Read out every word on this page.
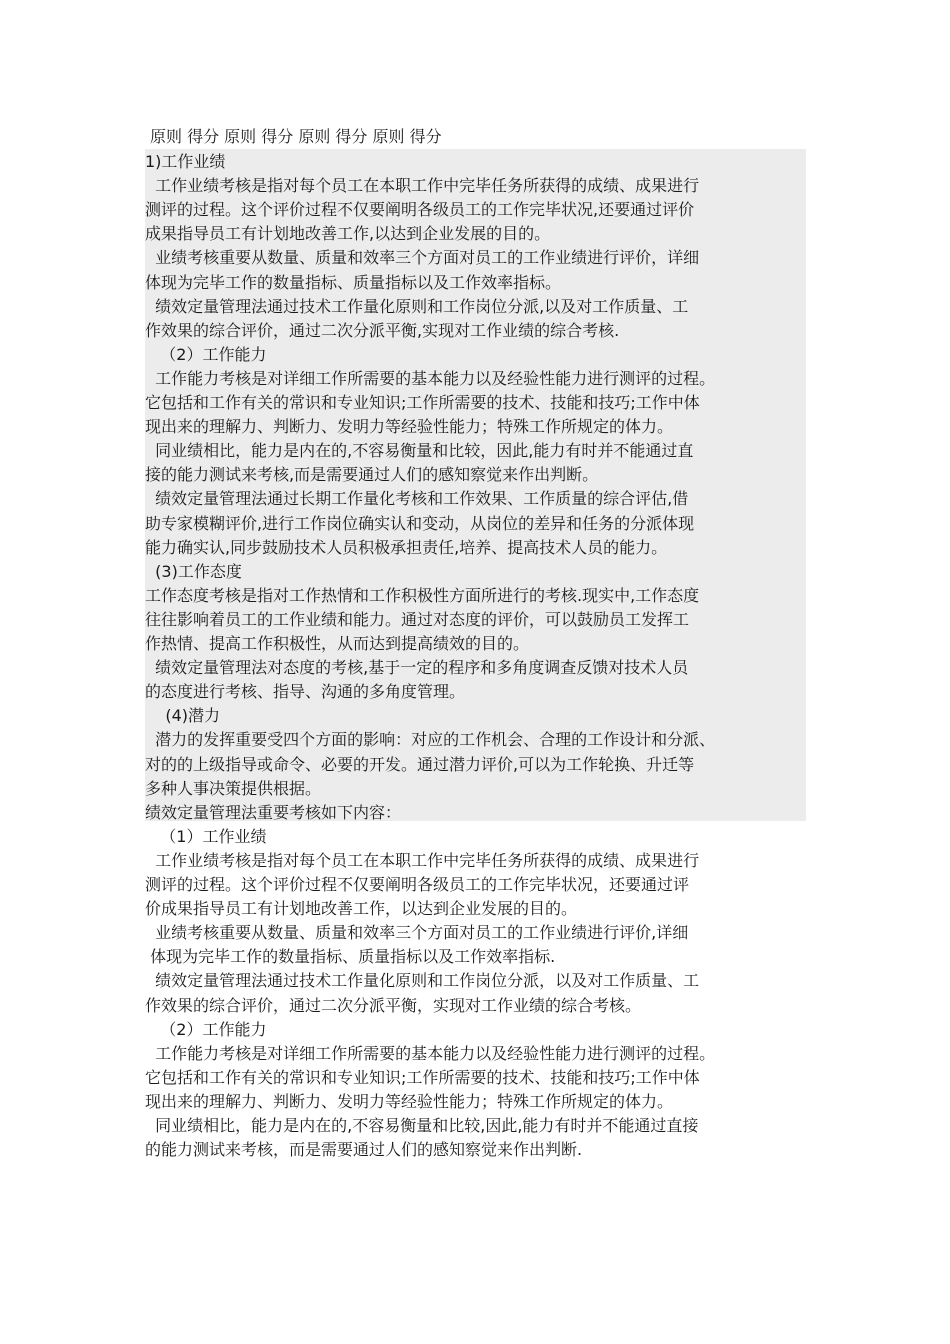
原则 得分 原则 得分 原则 得分 原则 得分
1)工作业绩
工作业绩考核是指对每个员工在本职工作中完毕任务所获得的成绩、成果进行
测评的过程。这个评价过程不仅要阐明各级员工的工作完毕状况,还要通过评价
成果指导员工有计划地改善工作,以达到企业发展的目的。
业绩考核重要从数量、质量和效率三个方面对员工的工作业绩进行评价，详细
体现为完毕工作的数量指标、质量指标以及工作效率指标。
绩效定量管理法通过技术工作量化原则和工作岗位分派,以及对工作质量、工
作效果的综合评价，通过二次分派平衡,实现对工作业绩的综合考核.
（2）工作能力
工作能力考核是对详细工作所需要的基本能力以及经验性能力进行测评的过程。
它包括和工作有关的常识和专业知识;工作所需要的技术、技能和技巧;工作中体
现出来的理解力、判断力、发明力等经验性能力；特殊工作所规定的体力。
同业绩相比，能力是内在的,不容易衡量和比较，因此,能力有时并不能通过直
接的能力测试来考核,而是需要通过人们的感知察觉来作出判断。
绩效定量管理法通过长期工作量化考核和工作效果、工作质量的综合评估,借
助专家模糊评价,进行工作岗位确实认和变动，从岗位的差异和任务的分派体现
能力确实认,同步鼓励技术人员积极承担责任,培养、提高技术人员的能力。
(3)工作态度
工作态度考核是指对工作热情和工作积极性方面所进行的考核.现实中,工作态度
往往影响着员工的工作业绩和能力。通过对态度的评价，可以鼓励员工发挥工
作热情、提高工作积极性，从而达到提高绩效的目的。
绩效定量管理法对态度的考核,基于一定的程序和多角度调查反馈对技术人员
的态度进行考核、指导、沟通的多角度管理。
(4)潜力
潜力的发挥重要受四个方面的影响：对应的工作机会、合理的工作设计和分派、
对的的上级指导或命令、必要的开发。通过潜力评价,可以为工作轮换、升迁等
多种人事决策提供根据。
绩效定量管理法重要考核如下内容：
（1）工作业绩
工作业绩考核是指对每个员工在本职工作中完毕任务所获得的成绩、成果进行
测评的过程。这个评价过程不仅要阐明各级员工的工作完毕状况，还要通过评
价成果指导员工有计划地改善工作，以达到企业发展的目的。
业绩考核重要从数量、质量和效率三个方面对员工的工作业绩进行评价,详细
体现为完毕工作的数量指标、质量指标以及工作效率指标.
绩效定量管理法通过技术工作量化原则和工作岗位分派，以及对工作质量、工
作效果的综合评价，通过二次分派平衡，实现对工作业绩的综合考核。
（2）工作能力
工作能力考核是对详细工作所需要的基本能力以及经验性能力进行测评的过程。
它包括和工作有关的常识和专业知识;工作所需要的技术、技能和技巧;工作中体
现出来的理解力、判断力、发明力等经验性能力；特殊工作所规定的体力。
同业绩相比，能力是内在的,不容易衡量和比较,因此,能力有时并不能通过直接
的能力测试来考核，而是需要通过人们的感知察觉来作出判断.
